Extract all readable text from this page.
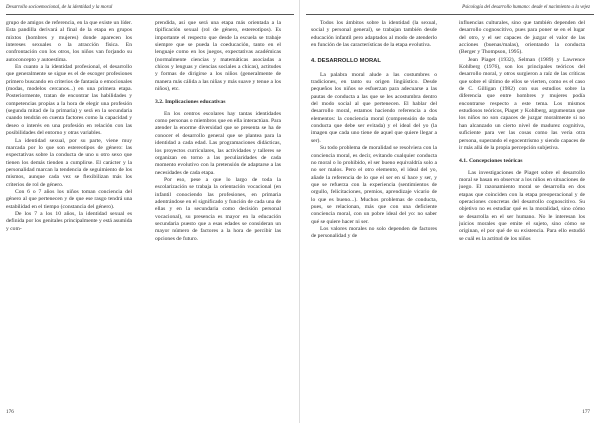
Desarrollo socioemocional, de la identidad y la moral

grupo de amigos de referencia, en la que existe un líder. Esta pandilla derivará al final de la etapa en grupos mixtos (hombres y mujeres) donde aparecen los intereses sexuales o la atracción física. En confrontación con los otros, los niños van forjando su autoconcepto y autoestima.

En cuanto a la identidad profesional, el desarrollo que generalmente se sigue es el de escoger profesiones primero buscando en criterios de fantasía o emocionales (modas, modelos cercanos...) en una primera etapa. Posteriormente, tratan de encontrar las habilidades y competencias propias a la hora de elegir una profesión (segunda mitad de la primaria) y será en la secundaria cuando tendrán en cuenta factores como la capacidad y deseo o interés en una profesión en relación con las posibilidades del entorno y otras variables.

La identidad sexual, por su parte, viene muy marcada por lo que son estereotipos de género: las expectativas sobre la conducta de uno u otro sexo que tienen los demás tienden a cumplirse. El carácter y la personalidad marcan la tendencia de seguimiento de los mismos, aunque cada vez se flexibilizan más los criterios de rol de género.

Con 6 o 7 años los niños toman conciencia del género al que pertenecen y de que ese rasgo tendrá una estabilidad en el tiempo (constancia del género).

De los 7 a los 10 años, la identidad sexual es definida por los genitales principalmente y está asumida y com-

prendida, así que será una etapa más orientada a la tipificación sexual (rol de género, estereotipos). Es importante el respecto que desde la escuela se trabaje siempre que se pueda la coeducación, tanto en el lenguaje como en los juegos, expectativas académicas (normalmente ciencias y matemáticas asociadas a chicos y lenguas y ciencias sociales a chicas), actitudes y formas de dirigirse a los niños (generalmente de manera más cálida a las niñas y más suave y tenue a los niños), etc.

3.2. Implicaciones educativas

En los centros escolares hay tantas identidades como personas o miembros que en ella interactúan. Para atender la enorme diversidad que se presenta se ha de conocer el desarrollo general que se plantea para la identidad a cada edad. Las programaciones didácticas, los proyectos curriculares, las actividades y talleres se organizan en torno a las peculiaridades de cada momento evolutivo con la pretensión de adaptarse a las necesidades de cada etapa.

Por eso, pese a que lo largo de toda la escolarización se trabaja la orientación vocacional (en infantil conociendo las profesiones, en primaria adentrándose en el significado y función de cada una de ellas y en la secundaria como decisión personal vocacional), su presencia es mayor en la educación secundaria puesto que a esas edades se consideran un mayor número de factores a la hora de percibir las opciones de futuro.

176
Psicología del desarrollo humano: desde el nacimiento a la vejez

Todos los ámbitos sobre la identidad (la sexual, social y personal general), se trabajan también desde educación infantil pero adaptados al modo de atenderlo en función de las características de la etapa evolutiva.

4. DESARROLLO MORAL

La palabra moral alude a las costumbres o tradiciones, en tanto su origen lingüístico. Desde pequeños los niños se esfuerzan para adecuarse a las pautas de conducta a las que se les acostumbra dentro del modo social al que pertenecen. El hablar del desarrollo moral, estamos haciendo referencia a dos elementos: la conciencia moral (comprensión de toda conducta que debe ser evitada) y el ideal del yo (la imagen que cada uno tiene de aquel que quiere llegar a ser).

Su todo problema de moralidad se resolviera con la conciencia moral, es decir, evitando cualquier conducta no moral o lo prohibido, el ser bueno equivaldría solo a no ser malos. Pero el otro elemento, el ideal del yo, añade la referencia de lo que el ser en sí hace y ser, y que se refuerza con la experiencia (sentimientos de orgullo, felicitaciones, premios, aprendizaje vicario de lo que es bueno...). Muchos problemas de conducta, pues, se relacionan, más que con una deficiente conciencia moral, con un pobre ideal del yo: no saber qué se quiere hacer ni ser.

Los valores morales no solo dependen de factores de personalidad y de

influencias culturales, sino que también dependen del desarrollo cognoscitivo, pues para poner se en el lugar del otro, y el ser capaces de juzgar el valor de las acciones (buenas/malas), orientando la conducta (Berger y Thompson, 1995).

Jean Piaget (1932), Selman (1989) y Lawrence Kohlberg (1976), son los principales teóricos del desarrollo moral, y otros surgieron a raíz de las críticas que sobre el último de ellos se vierten, como es el caso de C. Gilligan (1982) con sus estudios sobre la diferencia que entre hombres y mujeres podía encontrarse respecto a este tema. Los mismos estudiosos teóricos, Piaget y Kohlberg, argumentan que los niños no son capaces de juzgar moralmente si no han alcanzado un cierto nivel de madurez cognitiva, suficiente para ver las cosas como las vería otra persona, superando el egocentrismo y siendo capaces de ir más allá de la propia percepción subjetiva.

4.1. Concepciones teóricas

Las investigaciones de Piaget sobre el desarrollo moral se basan en observar a los niños en situaciones de juego. El razonamiento moral se desarrolla en dos etapas que coinciden con la etapa preoperacional y de operaciones concretas del desarrollo cognoscitivo. Su objetivo no es estudiar qué es la moralidad, sino cómo se desarrolla en el ser humano. No le interesan los juicios morales que emite el sujeto, sino cómo se originan, el por qué de su existencia. Para ello estudió se cuál es la actitud de los niños

177
